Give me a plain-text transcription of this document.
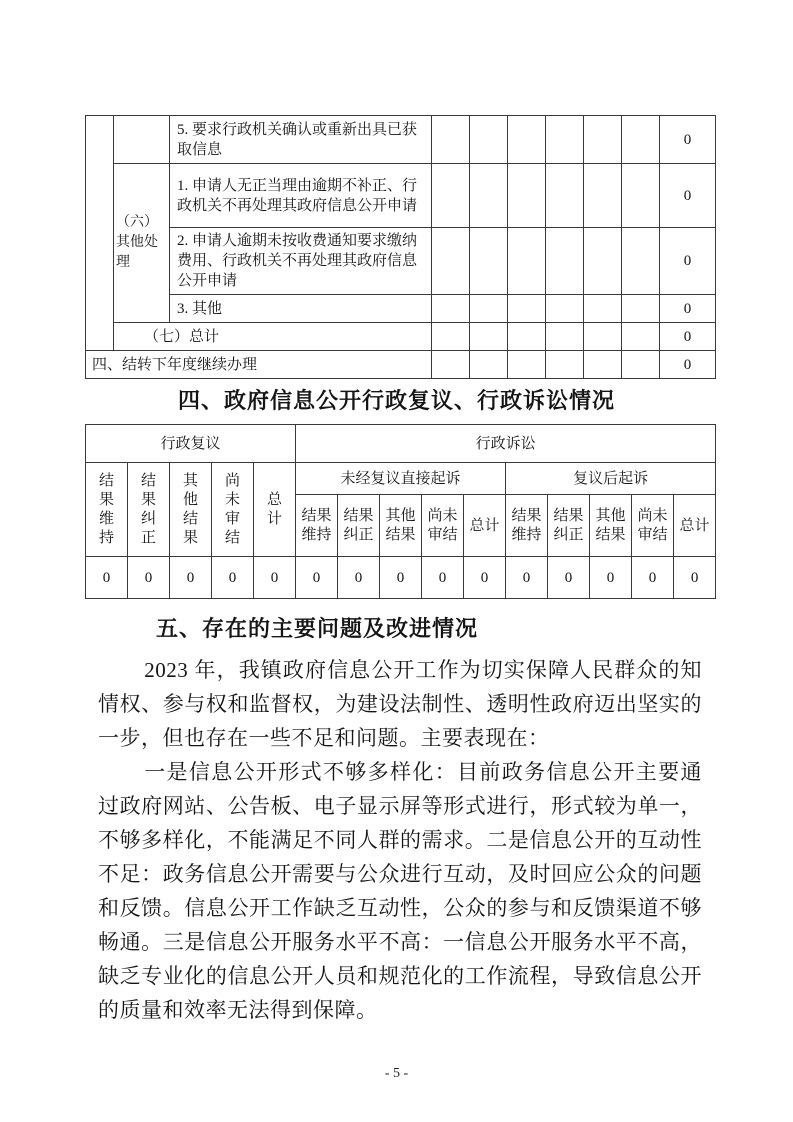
		5. 要求行政机关确认或重新出具已获取信息							0
	（六）其他处理	1. 申请人无正当理由逾期不补正、行政机关不再处理其政府信息公开申请							0
		2. 申请人逾期未按收费通知要求缴纳费用、行政机关不再处理其政府信息公开申请							0
		3. 其他							0
	（七）总计								0
四、结转下年度继续办理									0
四、政府信息公开行政复议、行政诉讼情况
行政复议					行政诉讼									
结果维持	结果纠正	其他结果	尚未审结	总计	未经复议直接起诉					复议后起诉				
					结果维持	结果纠正	其他结果	尚未审结	总计	结果维持	结果纠正	其他结果	尚未审结	总计
0	0	0	0	0	0	0	0	0	0	0	0	0	0	0
五、存在的主要问题及改进情况

2023 年，我镇政府信息公开工作为切实保障人民群众的知情权、参与权和监督权，为建设法制性、透明性政府迈出坚实的一步，但也存在一些不足和问题。主要表现在：

一是信息公开形式不够多样化：目前政务信息公开主要通过政府网站、公告板、电子显示屏等形式进行，形式较为单一，不够多样化，不能满足不同人群的需求。二是信息公开的互动性不足：政务信息公开需要与公众进行互动，及时回应公众的问题和反馈。信息公开工作缺乏互动性，公众的参与和反馈渠道不够畅通。三是信息公开服务水平不高：一信息公开服务水平不高，缺乏专业化的信息公开人员和规范化的工作流程，导致信息公开的质量和效率无法得到保障。

- 5 -
